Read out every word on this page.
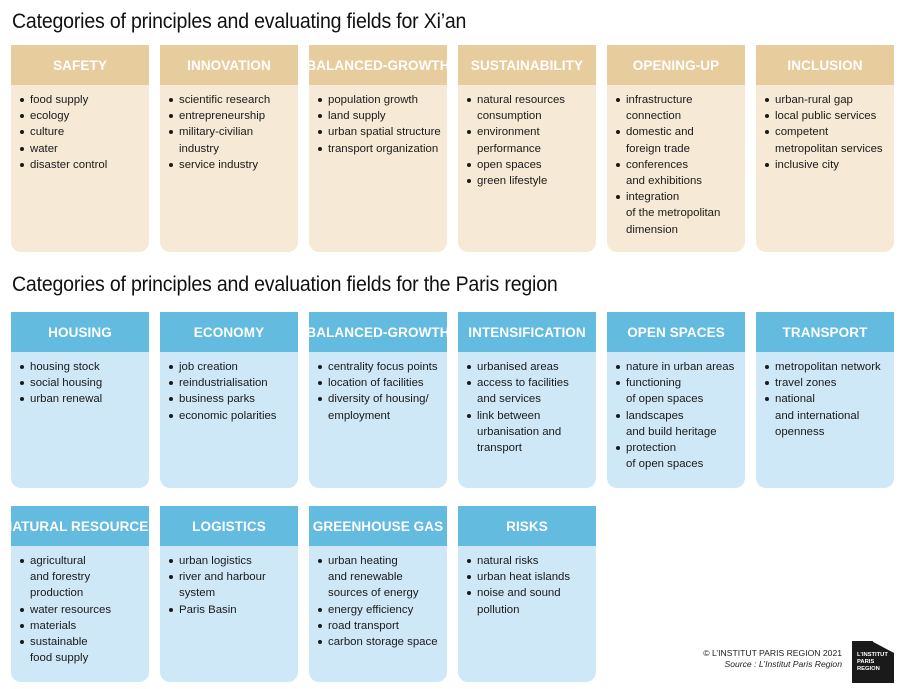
Categories of principles and evaluating fields for Xi’an
Categories of principles and evaluation fields for the Paris region
SAFETY
food supply
ecology
culture
water
disaster control
INNOVATION
scientific research
entrepreneurship
military-civilian
industry
service industry
BALANCED-GROWTH
population growth
land supply
urban spatial structure
transport organization
SUSTAINABILITY
natural resources
consumption
environment
performance
open spaces
green lifestyle
OPENING-UP
infrastructure
connection
domestic and
foreign trade
conferences
and exhibitions
integration
of the metropolitan
dimension
INCLUSION
urban-rural gap
local public services
competent
metropolitan services
inclusive city
HOUSING
housing stock
social housing
urban renewal
ECONOMY
job creation
reindustrialisation
business parks
economic polarities
BALANCED-GROWTH
centrality focus points
location of facilities
diversity of housing/
employment
INTENSIFICATION
urbanised areas
access to facilities
and services
link between
urbanisation and
transport
OPEN SPACES
nature in urban areas
functioning
of open spaces
landscapes
and build heritage
protection
of open spaces
TRANSPORT
metropolitan network
travel zones
national
and international
openness
NATURAL RESOURCES
agricultural
and forestry production
water resources
materials
sustainable
food supply
LOGISTICS
urban logistics
river and harbour
system
Paris Basin
GREENHOUSE GAS
urban heating
and renewable
sources of energy
energy efficiency
road transport
carbon storage space
RISKS
natural risks
urban heat islands
noise and sound
pollution
© L’INSTITUT PARIS REGION 2021
Source : L’Institut Paris Region
L’INSTITUT
PARIS
REGION
